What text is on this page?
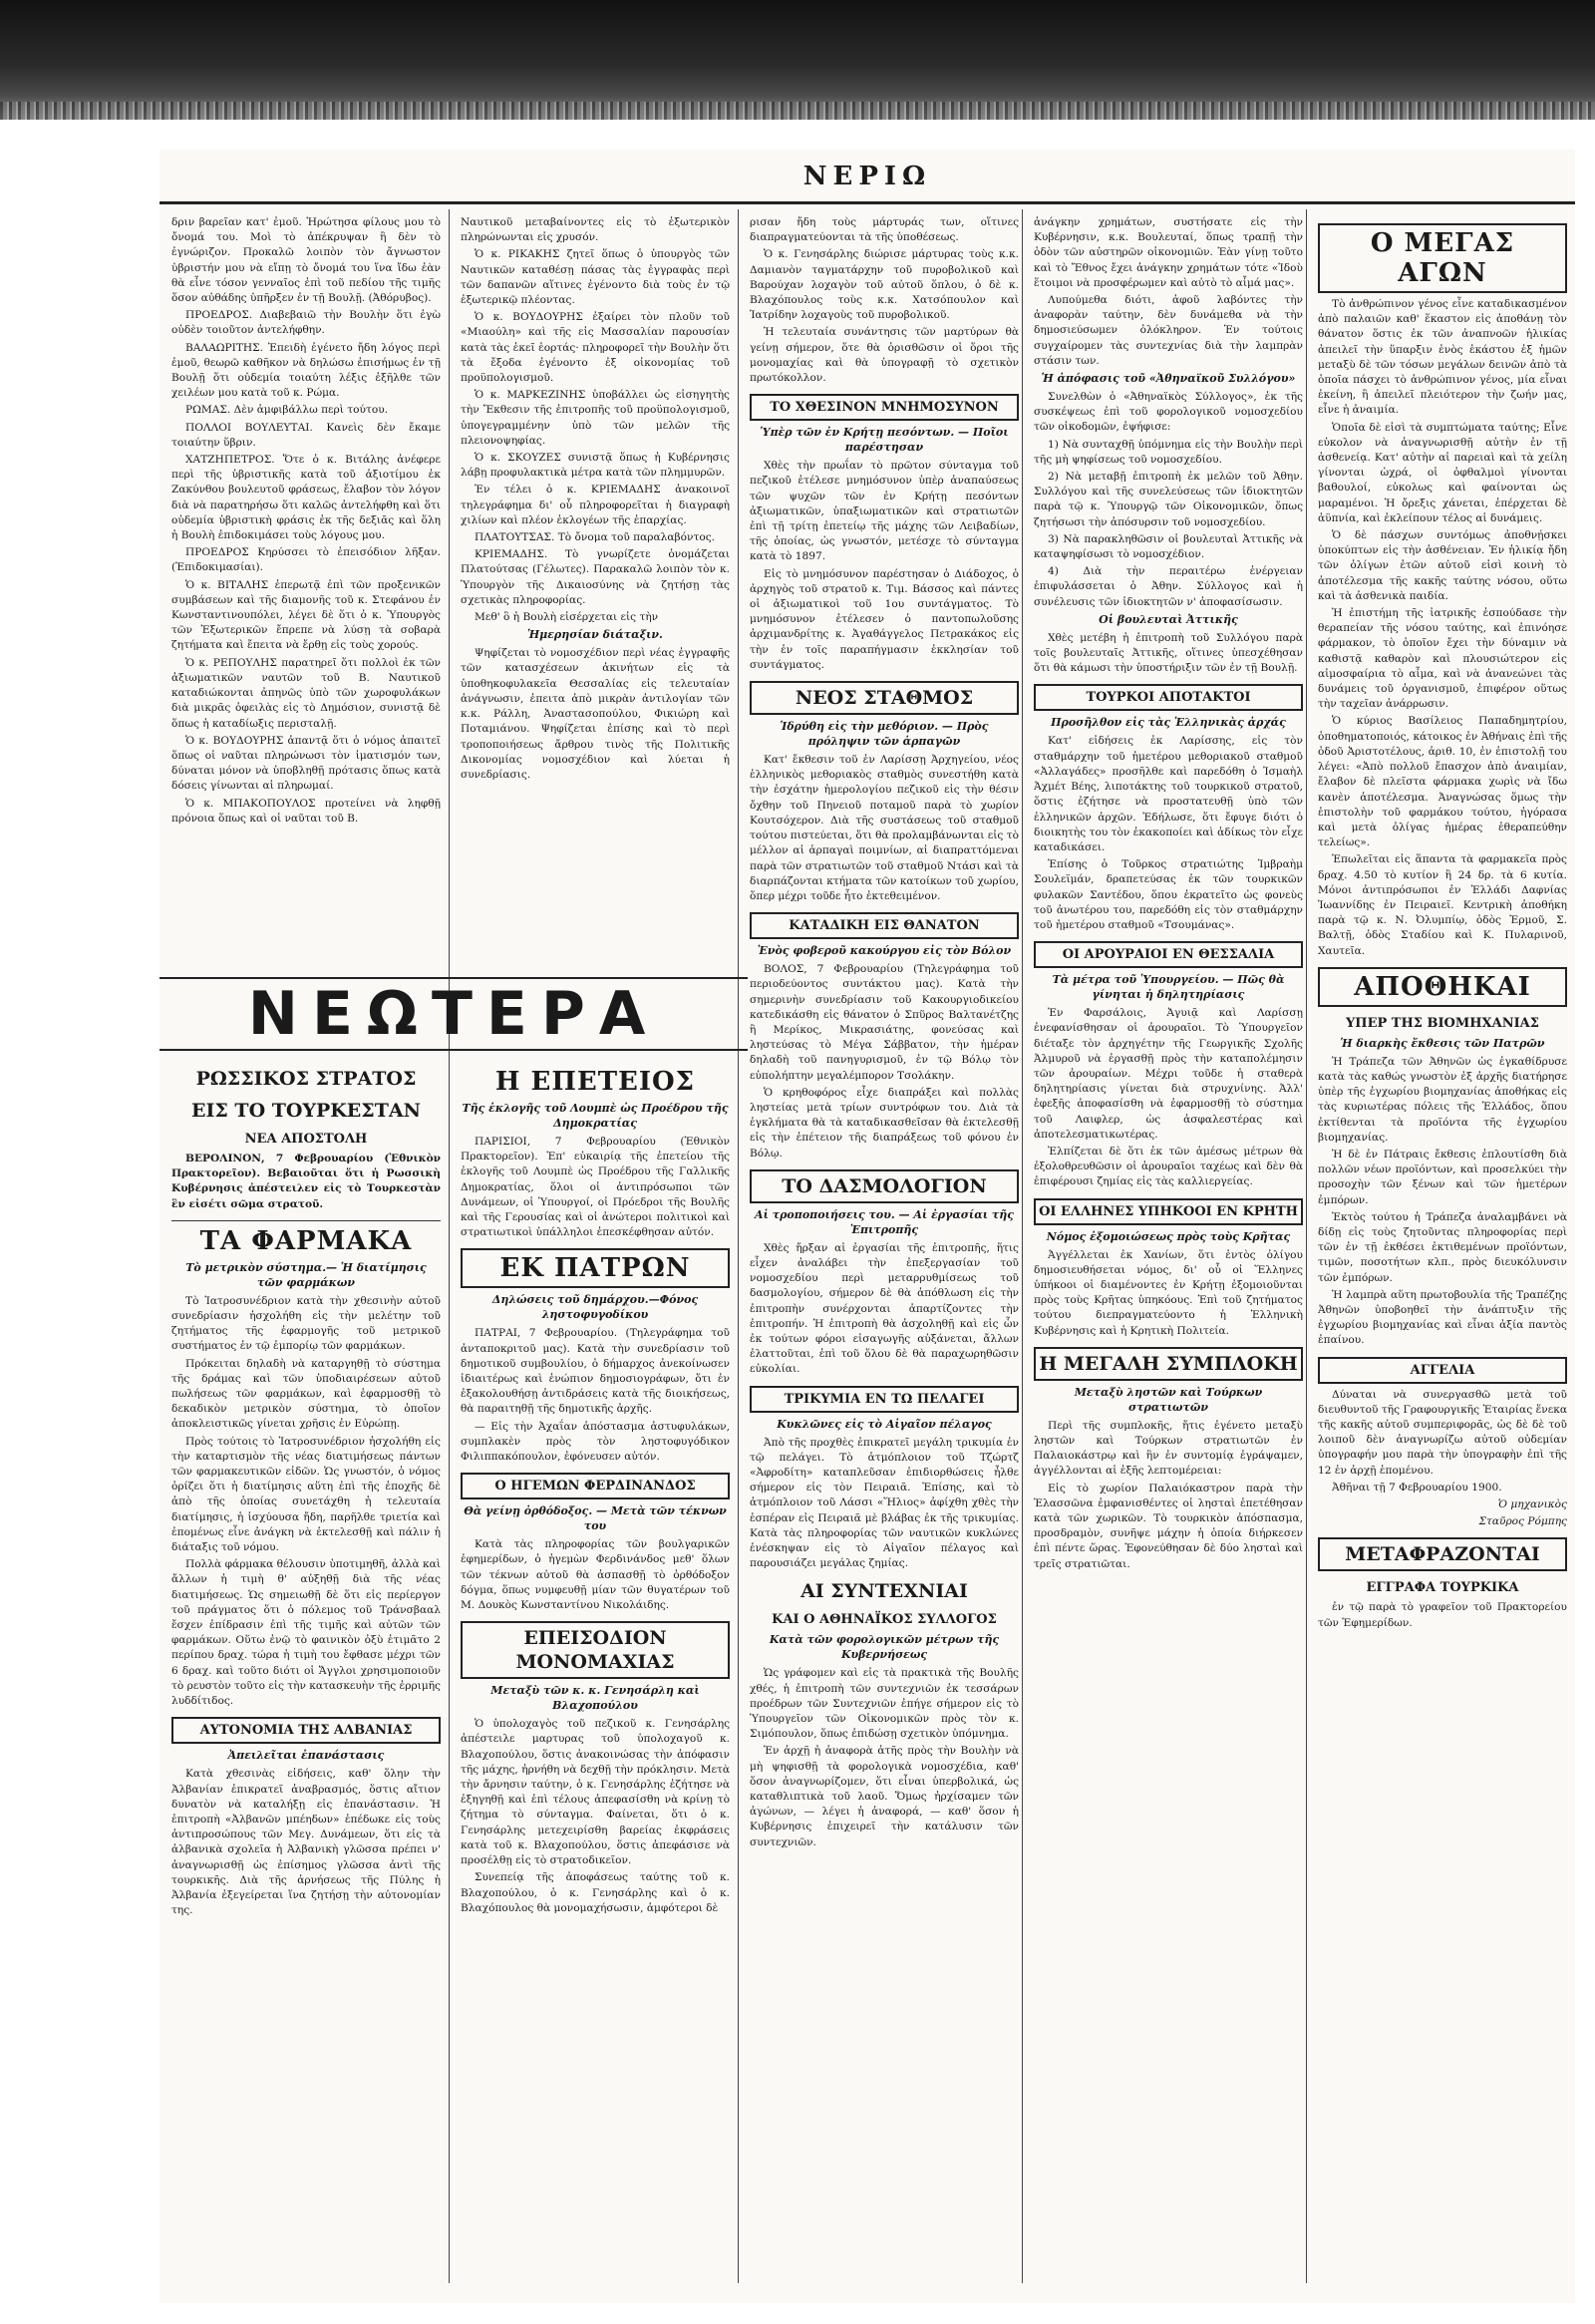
ΝΕΡΙΩ

δριν βαρεῖαν κατ' ἐμοῦ. Ἠρώτησα φίλους μου τὸ ὄνομά του. Μοὶ τὸ ἀπέκρυψαν ἢ δὲν τὸ ἐγνώριζον. Προκαλῶ λοιπὸν τὸν ἄγνωστον ὑβριστήν μου νὰ εἴπῃ τὸ ὄνομά του ἵνα ἴδω ἐὰν θὰ εἶνε τόσον γενναῖος ἐπὶ τοῦ πεδίου τῆς τιμῆς ὅσον αὐθάδης ὑπῆρξεν ἐν τῇ Βουλῇ. (Ἀθόρυβος).

ΠΡΟΕΔΡΟΣ. Διαβεβαιῶ τὴν Βουλὴν ὅτι ἐγὼ οὐδὲν τοιοῦτον ἀντελήφθην.

ΒΑΛΑΩΡΙΤΗΣ. Ἐπειδὴ ἐγένετο ἤδη λόγος περὶ ἐμοῦ, θεωρῶ καθῆκον νὰ δηλώσω ἐπισήμως ἐν τῇ Βουλῇ ὅτι οὐδεμία τοιαύτη λέξις ἐξῆλθε τῶν χειλέων μου κατὰ τοῦ κ. Ρώμα.

ΡΩΜΑΣ. Δὲν ἀμφιβάλλω περὶ τούτου.

ΠΟΛΛΟΙ ΒΟΥΛΕΥΤΑΙ. Κανεὶς δὲν ἔκαμε τοιαύτην ὕβριν.

ΧΑΤΖΗΠΕΤΡΟΣ. Ὅτε ὁ κ. Βιτάλης ἀνέφερε περὶ τῆς ὑβριστικῆς κατὰ τοῦ ἀξιοτίμου ἐκ Ζακύνθου βουλευτοῦ φράσεως, ἔλαβον τὸν λόγον διὰ νὰ παρατηρήσω ὅτι καλῶς ἀντελήφθη καὶ ὅτι οὐδεμία ὑβριστικὴ φράσις ἐκ τῆς δεξιᾶς καὶ ὅλη ἡ Βουλὴ ἐπιδοκιμάσει τοὺς λόγους μου.

ΠΡΟΕΔΡΟΣ Κηρύσσει τὸ ἐπεισόδιον λῆξαν. (Ἐπιδοκιμασίαι).

Ὁ κ. ΒΙΤΑΛΗΣ ἐπερωτᾷ ἐπὶ τῶν προξενικῶν συμβάσεων καὶ τῆς διαμονῆς τοῦ κ. Στεφάνου ἐν Κωνσταντινουπόλει, λέγει δὲ ὅτι ὁ κ. Ὑπουργὸς τῶν Ἐξωτερικῶν ἔπρεπε νὰ λύσῃ τὰ σοβαρὰ ζητήματα καὶ ἔπειτα νὰ ἔρθῃ εἰς τοὺς χορούς.

Ὁ κ. ΡΕΠΟΥΛΗΣ παρατηρεῖ ὅτι πολλοὶ ἐκ τῶν ἀξιωματικῶν ναυτῶν τοῦ Β. Ναυτικοῦ καταδιώκονται ἀπηνῶς ὑπὸ τῶν χωροφυλάκων διὰ μικρᾶς ὀφειλὰς εἰς τὸ Δημόσιον, συνιστᾷ δὲ ὅπως ἡ καταδίωξις περισταλῇ.

Ὁ κ. ΒΟΥΔΟΥΡΗΣ ἀπαντᾷ ὅτι ὁ νόμος ἀπαιτεῖ ὅπως οἱ ναῦται πληρώνωσι τὸν ἰματισμόν των, δύναται μόνον νὰ ὑποβληθῇ πρότασις ὅπως κατὰ δόσεις γίνωνται αἱ πληρωμαί.

Ὁ κ. ΜΠΑΚΟΠΟΥΛΟΣ προτείνει νὰ ληφθῇ πρόνοια ὅπως καὶ οἱ ναῦται τοῦ Β.

Ναυτικοῦ μεταβαίνοντες εἰς τὸ ἐξωτερικὸν πληρώνωνται εἰς χρυσόν.

Ὁ κ. ΡΙΚΑΚΗΣ ζητεῖ ὅπως ὁ ὑπουργὸς τῶν Ναυτικῶν καταθέσῃ πάσας τὰς ἐγγραφὰς περὶ τῶν δαπανῶν αἵτινες ἐγένοντο διὰ τοὺς ἐν τῷ ἐξωτερικῷ πλέοντας.

Ὁ κ. ΒΟΥΔΟΥΡΗΣ ἐξαίρει τὸν πλοῦν τοῦ «Μιαούλη» καὶ τῆς εἰς Μασσαλίαν παρουσίαν κατὰ τὰς ἐκεῖ ἑορτάς· πληροφορεῖ τὴν Βουλὴν ὅτι τὰ ἔξοδα ἐγένοντο ἐξ οἰκονομίας τοῦ προϋπολογισμοῦ.

Ὁ κ. ΜΑΡΚΕΖΙΝΗΣ ὑποβάλλει ὡς εἰσηγητὴς τὴν Ἔκθεσιν τῆς ἐπιτροπῆς τοῦ προϋπολογισμοῦ, ὑπογεγραμμένην ὑπὸ τῶν μελῶν τῆς πλειονοψηφίας.

Ὁ κ. ΣΚΟΥΖΕΣ συνιστᾷ ὅπως ἡ Κυβέρνησις λάβῃ προφυλακτικὰ μέτρα κατὰ τῶν πλημμυρῶν.

Ἐν τέλει ὁ κ. ΚΡΙΕΜΑΔΗΣ ἀνακοινοῖ τηλεγράφημα δι' οὗ πληροφορεῖται ἡ διαγραφὴ χιλίων καὶ πλέον ἐκλογέων τῆς ἐπαρχίας.

ΠΛΑΤΟΥΤΣΑΣ. Τὸ ὄνομα τοῦ παραλαβόντος.

ΚΡΙΕΜΑΔΗΣ. Τὸ γνωρίζετε ὀνομάζεται Πλατούτσας (Γέλωτες). Παρακαλῶ λοιπὸν τὸν κ. Ὑπουργὸν τῆς Δικαιοσύνης νὰ ζητήσῃ τὰς σχετικὰς πληροφορίας.

Μεθ' ὃ ἡ Βουλὴ εἰσέρχεται εἰς τὴν

Ἡμερησίαν διάταξιν.

Ψηφίζεται τὸ νομοσχέδιον περὶ νέας ἐγγραφῆς τῶν κατασχέσεων ἀκινήτων εἰς τὰ ὑποθηκοφυλακεῖα Θεσσαλίας εἰς τελευταίαν ἀνάγνωσιν, ἐπειτα ἀπὸ μικρὰν ἀντιλογίαν τῶν κ.κ. Ράλλη, Ἀναστασοπούλου, Φικιώρη καὶ Ποταμιάνου. Ψηφίζεται ἐπίσης καὶ τὸ περὶ τροποποιήσεως ἄρθρου τινὸς τῆς Πολιτικῆς Δικονομίας νομοσχέδιον καὶ λύεται ἡ συνεδρίασις.

ΝΕΩΤΕΡΑ
ΡΩΣΣΙΚΟΣ ΣΤΡΑΤΟΣ
ΕΙΣ ΤΟ ΤΟΥΡΚΕΣΤΑΝ
ΝΕΑ ΑΠΟΣΤΟΛΗ

ΒΕΡΟΛΙΝΟΝ, 7 Φεβρουαρίου (Ἐθνικὸν Πρακτορεῖον). Βεβαιοῦται ὅτι ἡ Ρωσσικὴ Κυβέρνησις ἀπέστειλεν εἰς τὸ Τουρκεστὰν ἓν εἰσέτι σῶμα στρατοῦ.

ΤΑ ΦΑΡΜΑΚΑ
Τὸ μετρικὸν σύστημα.— Ἡ διατίμησις τῶν φαρμάκων

Τὸ Ἰατροσυνέδριον κατὰ τὴν χθεσινὴν αὐτοῦ συνεδρίασιν ἠσχολήθη εἰς τὴν μελέτην τοῦ ζητήματος τῆς ἐφαρμογῆς τοῦ μετρικοῦ συστήματος ἐν τῷ ἐμπορίῳ τῶν φαρμάκων.

Πρόκειται δηλαδὴ νὰ καταργηθῇ τὸ σύστημα τῆς δράμας καὶ τῶν ὑποδιαιρέσεων αὐτοῦ πωλήσεως τῶν φαρμάκων, καὶ ἐφαρμοσθῇ τὸ δεκαδικὸν μετρικὸν σύστημα, τὸ ὁποῖον ἀποκλειστικῶς γίνεται χρῆσις ἐν Εὐρώπῃ.

Πρὸς τούτοις τὸ Ἰατροσυνέδριον ἠσχολήθη εἰς τὴν καταρτισμὸν τῆς νέας διατιμήσεως πάντων τῶν φαρμακευτικῶν εἰδῶν. Ὡς γνωστόν, ὁ νόμος ὁρίζει ὅτι ἡ διατίμησις αὕτη ἐπὶ τῆς ἐποχῆς δὲ ἀπὸ τῆς ὁποίας συνετάχθη ἡ τελευταία διατίμησις, ἡ ἰσχύουσα ἤδη, παρῆλθε τριετία καὶ ἐπομένως εἶνε ἀνάγκη νὰ ἐκτελεσθῇ καὶ πάλιν ἡ διάταξις τοῦ νόμου.

Πολλὰ φάρμακα θέλουσιν ὑποτιμηθῆ, ἀλλὰ καὶ ἄλλων ἡ τιμὴ θ' αὐξηθῇ διὰ τῆς νέας διατιμήσεως. Ὡς σημειωθῇ δὲ ὅτι εἰς περίεργον τοῦ πράγματος ὅτι ὁ πόλεμος τοῦ Τράνσβααλ ἔσχεν ἐπίδρασιν ἐπὶ τῆς τιμῆς καὶ αὐτῶν τῶν φαρμάκων. Οὕτω ἐνῷ τὸ φαινικὸν ὀξὺ ἐτιμᾶτο 2 περίπου δραχ. τώρα ἡ τιμὴ του ἔφθασε μέχρι τῶν 6 δραχ. καὶ τοῦτο διότι οἱ Ἄγγλοι χρησιμοποιοῦν τὸ ρευστὸν τοῦτο εἰς τὴν κατασκευὴν τῆς ἐρριμῆς λυδδίτιδος.

ΑΥΤΟΝΟΜΙΑ ΤΗΣ ΑΛΒΑΝΙΑΣ
Ἀπειλεῖται ἐπανάστασις

Κατὰ χθεσινὰς εἰδήσεις, καθ' ὅλην τὴν Ἀλβανίαν ἐπικρατεῖ ἀναβρασμός, ὅστις αἴτιον δυνατὸν νὰ καταλήξῃ εἰς ἐπανάστασιν. Ἡ ἐπιτροπὴ «Ἀλβανῶν μπέηδων» ἐπέδωκε εἰς τοὺς ἀντιπροσώπους τῶν Μεγ. Δυνάμεων, ὅτι εἰς τὰ ἀλβανικὰ σχολεῖα ἡ Ἀλβανικὴ γλῶσσα πρέπει ν' ἀναγνωρισθῇ ὡς ἐπίσημος γλῶσσα ἀντὶ τῆς τουρκικῆς. Διὰ τῆς ἀρνήσεως τῆς Πύλης ἡ Ἀλβανία ἐξεγείρεται ἵνα ζητήσῃ τὴν αὐτονομίαν της.

Η ΕΠΕΤΕΙΟΣ
Τῆς ἐκλογῆς τοῦ Λουμπὲ ὡς Προέδρου τῆς Δημοκρατίας

ΠΑΡΙΣΙΟΙ, 7 Φεβρουαρίου (Ἐθνικὸν Πρακτορεῖον). Ἐπ' εὐκαιρίᾳ τῆς ἐπετείου τῆς ἐκλογῆς τοῦ Λουμπὲ ὡς Προέδρου τῆς Γαλλικῆς Δημοκρατίας, ὅλοι οἱ ἀντιπρόσωποι τῶν Δυνάμεων, οἱ Ὑπουργοί, οἱ Πρόεδροι τῆς Βουλῆς καὶ τῆς Γερουσίας καὶ οἱ ἀνώτεροι πολιτικοὶ καὶ στρατιωτικοὶ ὑπάλληλοι ἐπεσκέφθησαν αὐτόν.

ΕΚ ΠΑΤΡΩΝ
Δηλώσεις τοῦ δημάρχου.—Φόνος ληστοφυγοδίκου

ΠΑΤΡΑΙ, 7 Φεβρουαρίου. (Τηλεγράφημα τοῦ ἀνταποκριτοῦ μας). Κατὰ τὴν συνεδρίασιν τοῦ δημοτικοῦ συμβουλίου, ὁ δήμαρχος ἀνεκοίνωσεν ἰδιαιτέρως καὶ ἐνώπιον δημοσιογράφων, ὅτι ἐν ἐξακολουθήσῃ ἀντιδράσεις κατὰ τῆς διοικήσεως, θὰ παραιτηθῇ τῆς δημοτικῆς ἀρχῆς.

— Εἰς τὴν Ἀχαΐαν ἀπόστασμα ἀστυφυλάκων, συμπλακὲν πρὸς τὸν ληστοφυγόδικον Φιλιππακόπουλον, ἐφόνευσεν αὐτόν.

Ο ΗΓΕΜΩΝ ΦΕΡΔΙΝΑΝΔΟΣ
Θὰ γείνῃ ὀρθόδοξος. — Μετὰ τῶν τέκνων του

Κατὰ τὰς πληροφορίας τῶν βουλγαρικῶν ἐφημερίδων, ὁ ἡγεμὼν Φερδινάνδος μεθ' ὅλων τῶν τέκνων αὐτοῦ θὰ ἀσπασθῇ τὸ ὀρθόδοξον δόγμα, ὅπως νυμφευθῇ μίαν τῶν θυγατέρων τοῦ Μ. Δουκὸς Κωνσταντίνου Νικολάιδης.

ΕΠΕΙΣΟΔΙΟΝ ΜΟΝΟΜΑΧΙΑΣ
Μεταξὺ τῶν κ. κ. Γενησάρλη καὶ Βλαχοπούλου

Ὁ ὑπολοχαγὸς τοῦ πεζικοῦ κ. Γενησάρλης ἀπέστειλε μαρτυρας τοῦ ὑπολοχαγοῦ κ. Βλαχοπούλου, ὅστις ἀνακοινώσας τὴν ἀπόφασιν τῆς μάχης, ἠρνήθη νὰ δεχθῇ τὴν πρόκλησιν. Μετὰ τὴν ἄρνησιν ταύτην, ὁ κ. Γενησάρλης ἐζήτησε νὰ ἐξηγηθῇ καὶ ἐπὶ τέλους ἀπεφασίσθη νὰ κρίνῃ τὸ ζήτημα τὸ σύνταγμα. Φαίνεται, ὅτι ὁ κ. Γενησάρλης μετεχειρίσθη βαρείας ἐκφράσεις κατὰ τοῦ κ. Βλαχοπούλου, ὅστις ἀπεφάσισε νὰ προσέλθῃ εἰς τὸ στρατοδικεῖον.

Συνεπείᾳ τῆς ἀποφάσεως ταύτης τοῦ κ. Βλαχοπούλου, ὁ κ. Γενησάρλης καὶ ὁ κ. Βλαχόπουλος θὰ μονομαχήσωσιν, ἀμφότεροι δὲ

ρισαν ἤδη τοὺς μάρτυράς των, οἵτινες διαπραγματεύονται τὰ τῆς ὑποθέσεως.

Ὁ κ. Γενησάρλης διώρισε μάρτυρας τοὺς κ.κ. Δαμιανὸν ταγματάρχην τοῦ πυροβολικοῦ καὶ Βαρούχαν λοχαγὸν τοῦ αὐτοῦ ὅπλου, ὁ δὲ κ. Βλαχόπουλος τοὺς κ.κ. Χατσόπουλον καὶ Ἰατρίδην λοχαγοὺς τοῦ πυροβολικοῦ.

Ἡ τελευταία συνάντησις τῶν μαρτύρων θὰ γείνῃ σήμερον, ὅτε θὰ ὁρισθῶσιν οἱ ὅροι τῆς μονομαχίας καὶ θὰ ὑπογραφῇ τὸ σχετικὸν πρωτόκολλον.

ΤΟ ΧΘΕΣΙΝΟΝ ΜΝΗΜΟΣΥΝΟΝ
Ὑπὲρ τῶν ἐν Κρήτῃ πεσόντων. — Ποῖοι παρέστησαν

Χθὲς τὴν πρωΐαν τὸ πρῶτον σύνταγμα τοῦ πεζικοῦ ἐτέλεσε μνημόσυνον ὑπὲρ ἀναπαύσεως τῶν ψυχῶν τῶν ἐν Κρήτῃ πεσόντων ἀξιωματικῶν, ὑπαξιωματικῶν καὶ στρατιωτῶν ἐπὶ τῇ τρίτῃ ἐπετείῳ τῆς μάχης τῶν Λειβαδίων, τῆς ὁποίας, ὡς γνωστόν, μετέσχε τὸ σύνταγμα κατὰ τὸ 1897.

Εἰς τὸ μνημόσυνον παρέστησαν ὁ Διάδοχος, ὁ ἀρχηγὸς τοῦ στρατοῦ κ. Τιμ. Βάσσος καὶ πάντες οἱ ἀξιωματικοὶ τοῦ 1ου συντάγματος. Τὸ μνημόσυνον ἐτέλεσεν ὁ παντοπωλοῦσης ἀρχιμανδρίτης κ. Ἀγαθάγγελος Πετρακάκος εἰς τὴν ἐν τοῖς παραπήγμασιν ἐκκλησίαν τοῦ συντάγματος.

ΝΕΟΣ ΣΤΑΘΜΟΣ
Ἱδρύθη εἰς τὴν μεθόριον. — Πρὸς πρόληψιν τῶν ἁρπαγῶν

Κατ' ἔκθεσιν τοῦ ἐν Λαρίσσῃ Ἀρχηγείου, νέος ἑλληνικὸς μεθοριακὸς σταθμὸς συνεστήθη κατὰ τὴν ἐσχάτην ἡμερολογίου πεζικοῦ εἰς τὴν θέσιν ὄχθην τοῦ Πηνειοῦ ποταμοῦ παρὰ τὸ χωρίον Κουτσόχερον. Διὰ τῆς συστάσεως τοῦ σταθμοῦ τούτου πιστεύεται, ὅτι θὰ προλαμβάνωνται εἰς τὸ μέλλον αἱ ἁρπαγαὶ ποιμνίων, αἱ διαπραττόμεναι παρὰ τῶν στρατιωτῶν τοῦ σταθμοῦ Ντάσι καὶ τὰ διαρπάζονται κτήματα τῶν κατοίκων τοῦ χωρίου, ὅπερ μέχρι τοῦδε ἦτο ἐκτεθειμένον.

ΚΑΤΑΔΙΚΗ ΕΙΣ ΘΑΝΑΤΟΝ
Ἑνὸς φοβεροῦ κακούργου εἰς τὸν Βόλον

ΒΟΛΟΣ, 7 Φεβρουαρίου (Τηλεγράφημα τοῦ περιοδεύοντος συντάκτου μας). Κατὰ τὴν σημερινὴν συνεδρίασιν τοῦ Κακουργιοδικείου κατεδικάσθη εἰς θάνατον ὁ Σπῦρος Βαλτανέτζης ἢ Μερίκος, Μικρασιάτης, φονεύσας καὶ ληστεύσας τὸ Μέγα Σάββατον, τὴν ἡμέραν δηλαδὴ τοῦ πανηγυρισμοῦ, ἐν τῷ Βόλῳ τὸν εὐπολήπτην μεγαλέμπορον Τσολάκην.

Ὁ κρηθοφόρος εἶχε διαπράξει καὶ πολλὰς ληστείας μετὰ τρίων συντρόφων του. Διὰ τὰ ἐγκλήματα θὰ τὰ καταδικασθεῖσαν θὰ ἐκτελεσθῇ εἰς τὴν ἐπέτειον τῆς διαπράξεως τοῦ φόνου ἐν Βόλῳ.

ΤΟ ΔΑΣΜΟΛΟΓΙΟΝ
Αἱ τροποποιήσεις του. — Αἱ ἐργασίαι τῆς Ἐπιτροπῆς

Χθὲς ἤρξαν αἱ ἐργασίαι τῆς ἐπιτροπῆς, ἥτις εἶχεν ἀναλάβει τὴν ἐπεξεργασίαν τοῦ νομοσχεδίου περὶ μεταρρυθμίσεως τοῦ δασμολογίου, σήμερον δὲ θὰ ἀπόθλωση εἰς τὴν ἐπιτροπὴν συνέρχονται ἀπαρτίζοντες τὴν ἐπιτροπήν. Ἡ ἐπιτροπὴ θὰ ἀσχοληθῇ καὶ εἰς ὧν ἐκ τούτων φόροι εἰσαγωγῆς αὐξάνεται, ἄλλων ἐλαττοῦται, ἐπὶ τοῦ ὅλου δὲ θὰ παραχωρηθῶσιν εὐκολίαι.

ΤΡΙΚΥΜΙΑ ΕΝ ΤΩ ΠΕΛΑΓΕΙ
Κυκλῶνες εἰς τὸ Αἰγαῖον πέλαγος

Ἀπὸ τῆς προχθὲς ἐπικρατεῖ μεγάλη τρικυμία ἐν τῷ πελάγει. Τὸ ἀτμόπλοιον τοῦ Τζώρτζ «Ἀφροδίτη» καταπλεῦσαν ἐπιδιορθώσεις ἦλθε σήμερον εἰς τὸν Πειραιᾶ. Ἐπίσης, καὶ τὸ ἀτμόπλοιον τοῦ Λάσσι «Ἥλιος» ἀφίχθη χθὲς τὴν ἑσπέραν εἰς Πειραιᾶ μὲ βλάβας ἐκ τῆς τρικυμίας. Κατὰ τὰς πληροφορίας τῶν ναυτικῶν κυκλώνες ἐνέσκηψαν εἰς τὸ Αἰγαῖον πέλαγος καὶ παρουσιάζει μεγάλας ζημίας.

ΑΙ ΣΥΝΤΕΧΝΙΑΙ
ΚΑΙ Ο ΑΘΗΝΑΪΚΟΣ ΣΥΛΛΟΓΟΣ
Κατὰ τῶν φορολογικῶν μέτρων τῆς Κυβερνήσεως

Ὡς γράφομεν καὶ εἰς τὰ πρακτικὰ τῆς Βουλῆς χθές, ἡ ἐπιτροπὴ τῶν συντεχνιῶν ἐκ τεσσάρων προέδρων τῶν Συντεχνιῶν ἐπήγε σήμερον εἰς τὸ Ὑπουργεῖον τῶν Οἰκονομικῶν πρὸς τὸν κ. Σιμόπουλον, ὅπως ἐπιδώσῃ σχετικὸν ὑπόμνημα.

Ἐν ἀρχῇ ἡ ἀναφορὰ ἀτῆς πρὸς τὴν Βουλὴν νὰ μὴ ψηφισθῇ τὰ φορολογικὰ νομοσχέδια, καθ' ὅσον ἀναγνωρίζομεν, ὅτι εἶναι ὑπερβολικά, ὡς καταθλιπτικὰ τοῦ λαοῦ. Ὅμως ἠρχίσαμεν τῶν ἀγώνων, — λέγει ἡ ἀναφορά, — καθ' ὅσον ἡ Κυβέρνησις ἐπιχειρεῖ τὴν κατάλυσιν τῶν συντεχνιῶν.

ἀνάγκην χρημάτων, συστήσατε εἰς τὴν Κυβέρνησιν, κ.κ. Βουλευταί, ὅπως τραπῇ τὴν ὁδὸν τῶν αὐστηρῶν οἰκονομιῶν. Ἐὰν γίνῃ τοῦτο καὶ τὸ Ἔθνος ἔχει ἀνάγκην χρημάτων τότε «Ἰδοὺ ἕτοιμοι νὰ προσφέρωμεν καὶ αὐτὸ τὸ αἷμά μας».

Λυπούμεθα διότι, ἀφοῦ λαβόντες τὴν ἀναφορὰν ταύτην, δὲν δυνάμεθα νὰ τὴν δημοσιεύσωμεν ὁλόκληρον. Ἐν τούτοις συγχαίρομεν τὰς συντεχνίας διὰ τὴν λαμπρὰν στάσιν των.

Ἡ ἀπόφασις τοῦ «Ἀθηναϊκοῦ Συλλόγου»

Συνελθὼν ὁ «Ἀθηναϊκὸς Σύλλογος», ἐκ τῆς συσκέψεως ἐπὶ τοῦ φορολογικοῦ νομοσχεδίου τῶν οἰκοδομῶν, ἐψήφισε:

1) Νὰ συνταχθῇ ὑπόμνημα εἰς τὴν Βουλὴν περὶ τῆς μὴ ψηφίσεως τοῦ νομοσχεδίου.

2) Νὰ μεταβῇ ἐπιτροπὴ ἐκ μελῶν τοῦ Ἀθην. Συλλόγου καὶ τῆς συνελεύσεως τῶν ἰδιοκτητῶν παρὰ τῷ κ. Ὑπουργῷ τῶν Οἰκονομικῶν, ὅπως ζητήσωσι τὴν ἀπόσυρσιν τοῦ νομοσχεδίου.

3) Νὰ παρακληθῶσιν οἱ βουλευταὶ Ἀττικῆς νὰ καταψηφίσωσι τὸ νομοσχέδιον.

4) Διὰ τὴν περαιτέρω ἐνέργειαν ἐπιφυλάσσεται ὁ Ἀθην. Σύλλογος καὶ ἡ συνέλευσις τῶν ἰδιοκτητῶν ν' ἀποφασίσωσιν.

Οἱ βουλευταὶ Ἀττικῆς

Χθὲς μετέβη ἡ ἐπιτροπὴ τοῦ Συλλόγου παρὰ τοῖς βουλευταῖς Ἀττικῆς, οἵτινες ὑπεσχέθησαν ὅτι θὰ κάμωσι τὴν ὑποστήριξιν τῶν ἐν τῇ Βουλῇ.

ΤΟΥΡΚΟΙ ΑΠΟΤΑΚΤΟΙ
Προσῆλθον εἰς τὰς Ἑλληνικὰς ἀρχάς

Κατ' εἰδήσεις ἐκ Λαρίσσης, εἰς τὸν σταθμάρχην τοῦ ἡμετέρου μεθοριακοῦ σταθμοῦ «Ἀλλαγάδες» προσῆλθε καὶ παρεδόθη ὁ Ἰσμαὴλ Ἀχμέτ Βέης, λιποτάκτης τοῦ τουρκικοῦ στρατοῦ, ὅστις ἐζήτησε νὰ προστατευθῇ ὑπὸ τῶν ἑλληνικῶν ἀρχῶν. Ἐδήλωσε, ὅτι ἔφυγε διότι ὁ διοικητὴς του τὸν ἐκακοποίει καὶ ἀδίκως τὸν εἶχε καταδικάσει.

Ἐπίσης ὁ Τοῦρκος στρατιώτης Ἰμβραὴμ Σουλεϊμάν, δραπετεύσας ἐκ τῶν τουρκικῶν φυλακῶν Σαντέδου, ὅπου ἐκρατεῖτο ὡς φονεὺς τοῦ ἀνωτέρου του, παρεδόθη εἰς τὸν σταθμάρχην τοῦ ἡμετέρου σταθμοῦ «Τσουμάνας».

ΟΙ ΑΡΟΥΡΑΙΟΙ ΕΝ ΘΕΣΣΑΛΙΑ
Τὰ μέτρα τοῦ Ὑπουργείου. — Πῶς θὰ γίνηται ἡ δηλητηρίασις

Ἐν Φαρσάλοις, Ἀγυιᾷ καὶ Λαρίσσῃ ἐνεφανίσθησαν οἱ ἀρουραῖοι. Τὸ Ὑπουργεῖον διέταξε τὸν ἀρχηγέτην τῆς Γεωργικῆς Σχολῆς Ἀλμυροῦ νὰ ἐργασθῇ πρὸς τὴν καταπολέμησιν τῶν ἀρουραίων. Μέχρι τοῦδε ἡ σταθερὰ δηλητηρίασις γίνεται διὰ στρυχνίνης. Ἀλλ' ἐφεξῆς ἀποφασίσθη νὰ ἐφαρμοσθῇ τὸ σύστημα τοῦ Λαιφλερ, ὡς ἀσφαλεστέρας καὶ ἀποτελεσματικωτέρας.

Ἐλπίζεται δὲ ὅτι ἐκ τῶν ἀμέσως μέτρων θὰ ἐξολοθρευθῶσιν οἱ ἀρουραῖοι ταχέως καὶ δὲν θὰ ἐπιφέρουσι ζημίας εἰς τὰς καλλιεργείας.

ΟΙ ΕΛΛΗΝΕΣ ΥΠΗΚΟΟΙ ΕΝ ΚΡΗΤΗ
Νόμος ἐξομοιώσεως πρὸς τοὺς Κρῆτας

Ἀγγέλλεται ἐκ Χανίων, ὅτι ἐντὸς ὀλίγου δημοσιευθήσεται νόμος, δι' οὗ οἱ Ἕλληνες ὑπήκοοι οἱ διαμένοντες ἐν Κρήτῃ ἐξομοιοῦνται πρὸς τοὺς Κρῆτας ὑπηκόους. Ἐπὶ τοῦ ζητήματος τούτου διεπραγματεύοντο ἡ Ἑλληνικὴ Κυβέρνησις καὶ ἡ Κρητικὴ Πολιτεία.

Η ΜΕΓΑΛΗ ΣΥΜΠΛΟΚΗ
Μεταξὺ ληστῶν καὶ Τούρκων στρατιωτῶν

Περὶ τῆς συμπλοκῆς, ἥτις ἐγένετο μεταξὺ ληστῶν καὶ Τούρκων στρατιωτῶν ἐν Παλαιοκάστρῳ καὶ ἣν ἐν συντομίᾳ ἐγράψαμεν, ἀγγέλλονται αἱ ἑξῆς λεπτομέρειαι:

Εἰς τὸ χωρίον Παλαιόκαστρον παρὰ τὴν Ἐλασσῶνα ἐμφανισθέντες οἱ λησταὶ ἐπετέθησαν κατὰ τῶν χωρικῶν. Τὸ τουρκικὸν ἀπόσπασμα, προσδραμὸν, συνῆψε μάχην ἡ ὁποία διήρκεσεν ἐπὶ πέντε ὥρας. Ἐφονεύθησαν δὲ δύο λησταὶ καὶ τρεῖς στρατιῶται.

Ο ΜΕΓΑΣ ΑΓΩΝ

Τὸ ἀνθρώπινον γένος εἶνε καταδικασμένον ἀπὸ παλαιῶν καθ' ἕκαστον εἰς ἀποθάνῃ τὸν θάνατον ὅστις ἐκ τῶν ἀναπνοῶν ἡλικίας ἀπειλεῖ τὴν ὕπαρξιν ἑνὸς ἑκάστου ἐξ ἡμῶν μεταξὺ δὲ τῶν τόσων μεγάλων δεινῶν ἀπὸ τὰ ὁποῖα πάσχει τὸ ἀνθρώπινον γένος, μία εἶναι ἐκείνη, ἣ ἀπειλεῖ πλειότερον τὴν ζωήν μας, εἶνε ἡ ἀναιμία.

Ὁποῖα δὲ εἰσὶ τὰ συμπτώματα ταύτης; Εἶνε εὐκολον νὰ ἀναγνωρισθῇ αὐτὴν ἐν τῇ ἀσθενείᾳ. Κατ' αὐτὴν αἱ παρειαὶ καὶ τὰ χείλη γίνονται ὠχρά, οἱ ὀφθαλμοὶ γίνονται βαθουλοί, εὐκολως καὶ φαίνονται ὡς μαραμένοι. Ἡ ὄρεξις χάνεται, ἐπέρχεται δὲ ἀϋπνία, καὶ ἐκλείπουν τέλος αἱ δυνάμεις.

Ὁ δὲ πάσχων συντόμως ἀποθνῄσκει ὑποκύπτων εἰς τὴν ἀσθένειαν. Ἐν ἡλικίᾳ ἤδη τῶν ὀλίγων ἐτῶν αὐτοῦ εἰσὶ κοινὴ τὸ ἀποτέλεσμα τῆς κακῆς ταύτης νόσου, οὕτω καὶ τὰ ἀσθενικὰ παιδία.

Ἡ ἐπιστήμη τῆς ἰατρικῆς ἐσπούδασε τὴν θεραπείαν τῆς νόσου ταύτης, καὶ ἐπινόησε φάρμακον, τὸ ὁποῖον ἔχει τὴν δύναμιν νὰ καθιστᾷ καθαρὸν καὶ πλουσιώτερον εἰς αἱμοσφαίρια τὸ αἷμα, καὶ νὰ ἀνανεώνει τὰς δυνάμεις τοῦ ὀργανισμοῦ, ἐπιφέρον οὕτως τὴν ταχεῖαν ἀνάρρωσιν.

Ὁ κύριος Βασίλειος Παπαδημητρίου, ὁποθηματοποιός, κάτοικος ἐν Ἀθήναις ἐπὶ τῆς ὁδοῦ Ἀριστοτέλους, ἀριθ. 10, ἐν ἐπιστολῇ του λέγει: «Ἀπὸ πολλοῦ ἔπασχον ἀπὸ ἀναιμίαν, ἔλαβον δὲ πλεῖστα φάρμακα χωρὶς νὰ ἴδω κανὲν ἀποτέλεσμα. Ἀναγνώσας ὅμως τὴν ἐπιστολὴν τοῦ φαρμάκου τούτου, ἠγόρασα καὶ μετὰ ὀλίγας ἡμέρας ἐθεραπεύθην τελείως».

Ἐπωλεῖται εἰς ἅπαντα τὰ φαρμακεῖα πρὸς δραχ. 4.50 τὸ κυτίον ἢ 24 δρ. τὰ 6 κυτία. Μόνοι ἀντιπρόσωποι ἐν Ἑλλάδι Δαφνίας Ἰωαννίδης ἐν Πειραιεῖ. Κεντρικὴ ἀποθήκη παρὰ τῷ κ. Ν. Ὀλυμπίῳ, ὁδὸς Ἑρμοῦ, Σ. Βαλτῇ, ὁδὸς Σταδίου καὶ Κ. Πυλαρινοῦ, Χαυτεῖα.

ΑΠΟΘΗΚΑΙ
ΥΠΕΡ ΤΗΣ ΒΙΟΜΗΧΑΝΙΑΣ
Ἡ διαρκὴς ἔκθεσις τῶν Πατρῶν

Ἡ Τράπεζα τῶν Ἀθηνῶν ὡς ἐγκαθίδρυσε κατὰ τὰς καθώς γνωστὸν ἐξ ἀρχῆς διατήρησε ὑπὲρ τῆς ἐγχωρίου βιομηχανίας ἀποθήκας εἰς τὰς κυριωτέρας πόλεις τῆς Ἑλλάδος, ὅπου ἐκτίθενται τὰ προϊόντα τῆς ἐγχωρίου βιομηχανίας.

Ἡ δὲ ἐν Πάτραις ἔκθεσις ἐπλουτίσθη διὰ πολλῶν νέων προϊόντων, καὶ προσελκύει τὴν προσοχὴν τῶν ξένων καὶ τῶν ἡμετέρων ἐμπόρων.

Ἐκτὸς τούτου ἡ Τράπεζα ἀναλαμβάνει νὰ δίδῃ εἰς τοὺς ζητοῦντας πληροφορίας περὶ τῶν ἐν τῇ ἐκθέσει ἐκτιθεμένων προϊόντων, τιμῶν, ποσοτήτων κλπ., πρὸς διευκόλυνσιν τῶν ἐμπόρων.

Ἡ λαμπρὰ αὕτη πρωτοβουλία τῆς Τραπέζης Ἀθηνῶν ὑποβοηθεῖ τὴν ἀνάπτυξιν τῆς ἐγχωρίου βιομηχανίας καὶ εἶναι ἀξία παντὸς ἐπαίνου.

ΑΓΓΕΛΙΑ

Δύναται νὰ συνεργασθῶ μετὰ τοῦ διευθυντοῦ τῆς Γραφουργικῆς Ἑταιρίας ἕνεκα τῆς κακῆς αὐτοῦ συμπεριφορᾶς, ὡς δὲ δὲ τοῦ λοιποῦ δὲν ἀναγνωρίζω αὐτοῦ οὐδεμίαν ὑπογραφήν μου παρὰ τὴν ὑπογραφὴν ἐπὶ τῆς 12 ἐν ἀρχῇ ἑπομένου.

Ἀθῆναι τῇ 7 Φεβρουαρίου 1900.

Ὁ μηχανικὸς

Σταῦρος Ρόμπης

ΜΕΤΑΦΡΑΖΟΝΤΑΙ
ΕΓΓΡΑΦΑ ΤΟΥΡΚΙΚΑ

ἐν τῷ παρὰ τὸ γραφεῖον τοῦ Πρακτορείου τῶν Ἐφημερίδων.
